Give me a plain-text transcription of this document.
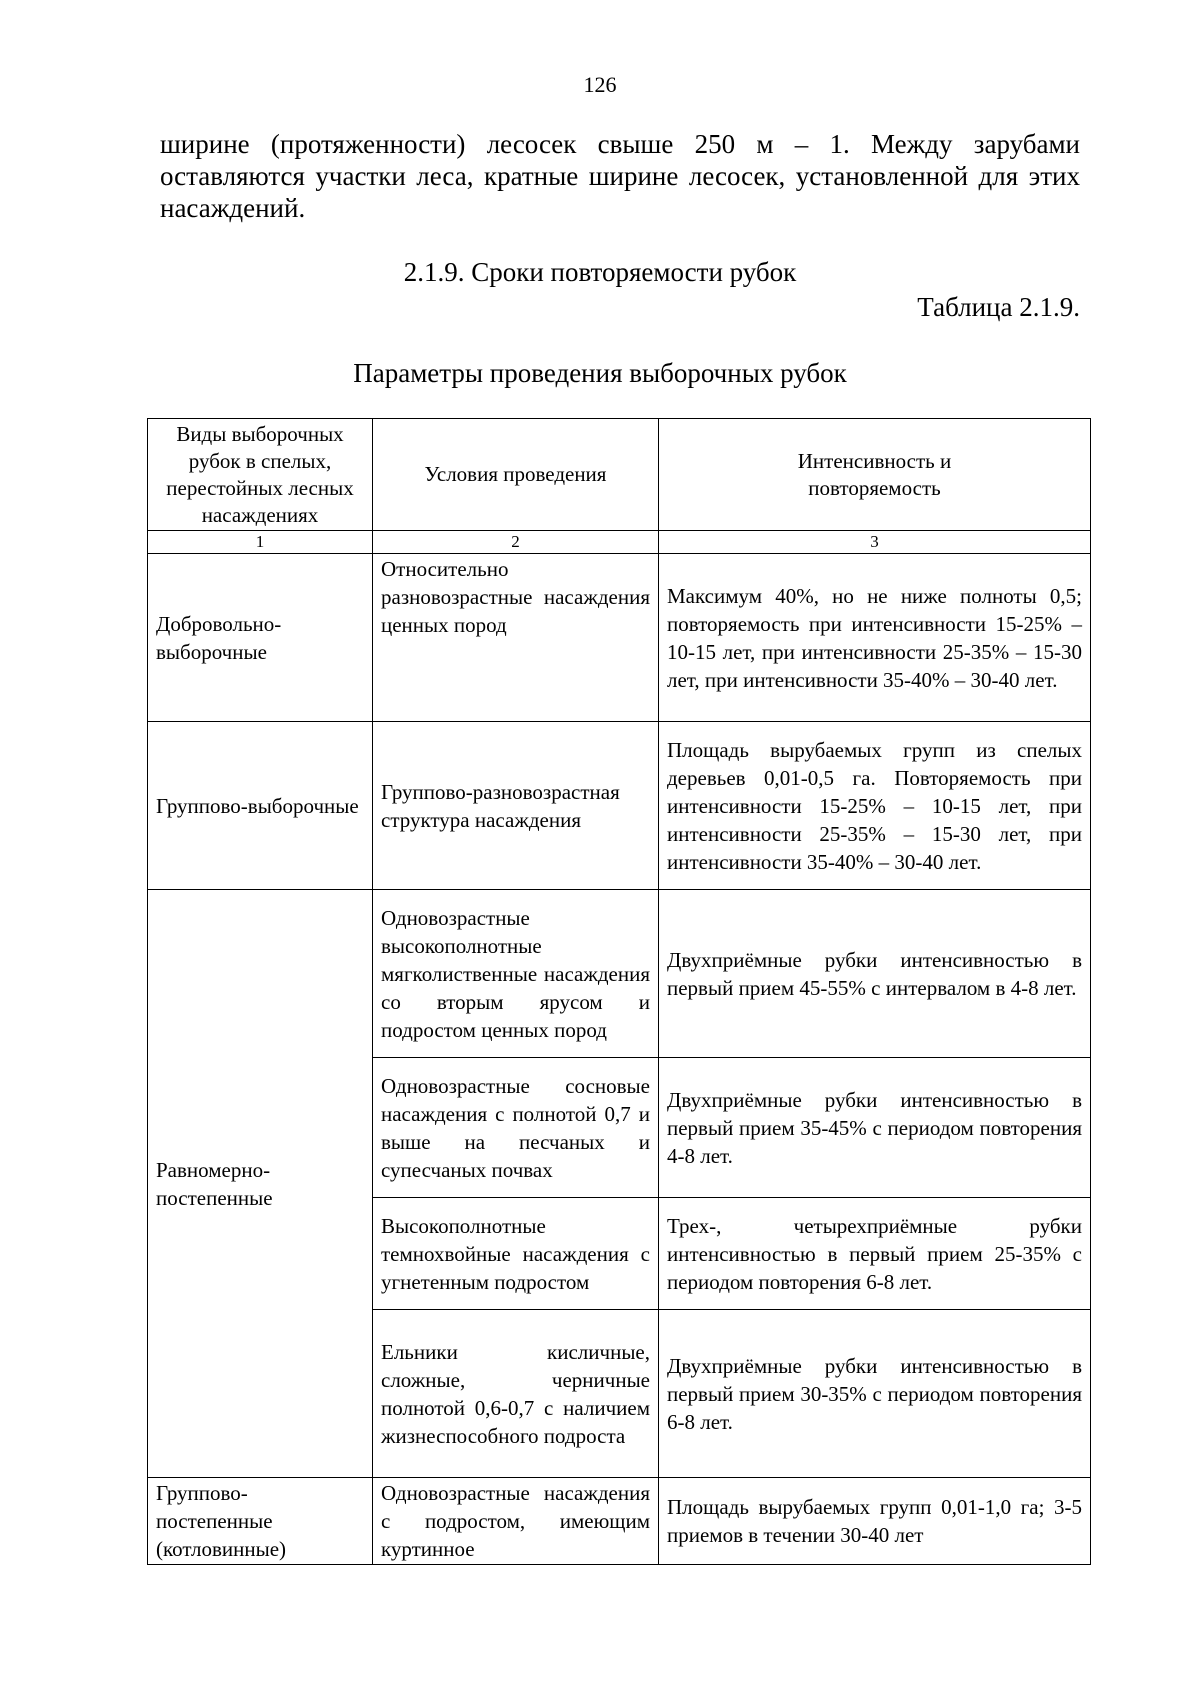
126

ширине (протяженности) лесосек свыше 250 м – 1. Между зарубами оставляются участки леса, кратные ширине лесосек, установленной для этих насаждений.

2.1.9. Сроки повторяемости рубок
Таблица 2.1.9.
Параметры проведения выборочных рубок
Виды выборочных рубок в спелых, перестойных лесных насаждениях	Условия проведения	Интенсивность и повторяемость
1	2	3
Добровольно-выборочные	Относительно разновозрастные насаждения ценных пород	Максимум 40%, но не ниже полноты 0,5; повторяемость при интенсивности 15-25% – 10-15 лет, при интенсивности 25-35% – 15-30 лет, при интенсивности 35-40% – 30-40 лет.
Группово-выборочные	Группово-разновозрастная структура насаждения	Площадь вырубаемых групп из спелых деревьев 0,01-0,5 га. Повторяемость при интенсивности 15-25% – 10-15 лет, при интенсивности 25-35% – 15-30 лет, при интенсивности 35-40% – 30-40 лет.
Равномерно-постепенные	Одновозрастные высокополнотные мягколиственные насаждения со вторым ярусом и подростом ценных пород	Двухприёмные рубки интенсивностью в первый прием 45-55% с интервалом в 4-8 лет.
	Одновозрастные сосновые насаждения с полнотой 0,7 и выше на песчаных и супесчаных почвах	Двухприёмные рубки интенсивностью в первый прием 35-45% с периодом повторения 4-8 лет.
	Высокополнотные темнохвойные насаждения с угнетенным подростом	Трех-, четырехприёмные рубки интенсивностью в первый прием 25-35% с периодом повторения 6-8 лет.
	Ельники кисличные, сложные, черничные полнотой 0,6-0,7 с наличием жизнеспособного подроста	Двухприёмные рубки интенсивностью в первый прием 30-35% с периодом повторения 6-8 лет.
Группово-постепенные (котловинные)	Одновозрастные насаждения с подростом, имеющим куртинное	Площадь вырубаемых групп 0,01-1,0 га; 3-5 приемов в течении 30-40 лет
